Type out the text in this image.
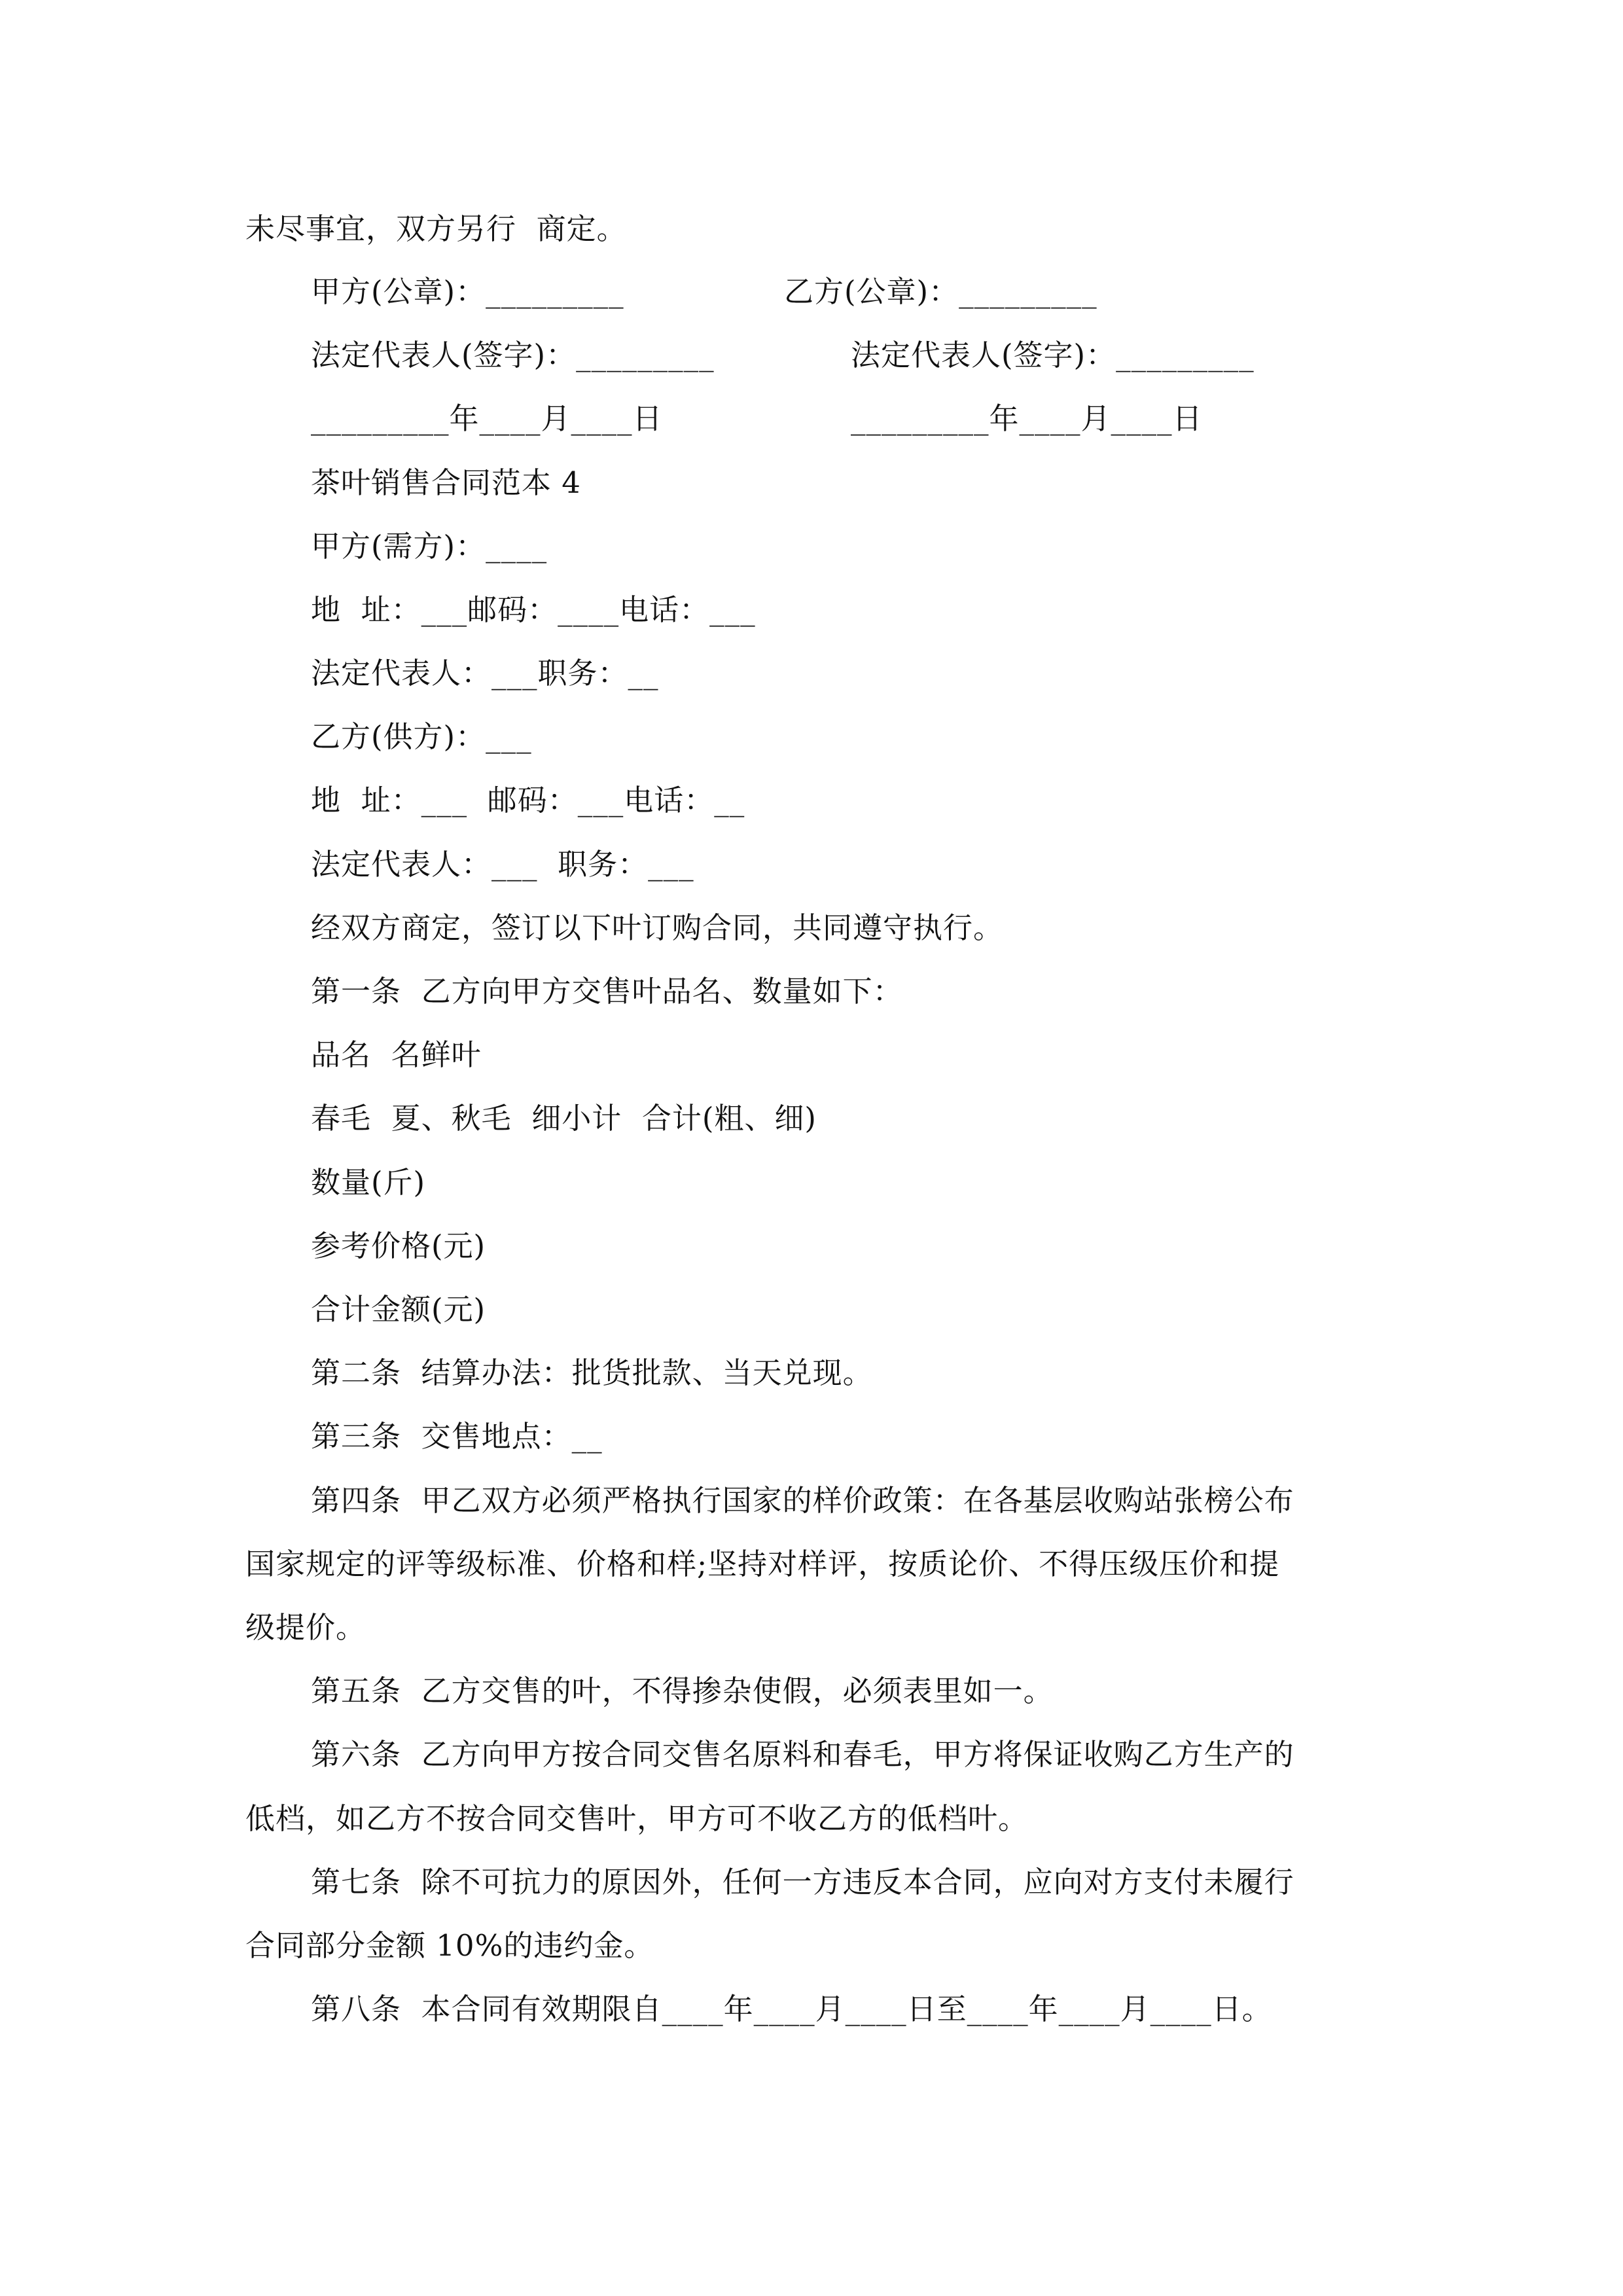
未尽事宜，双方另行  商定。
甲方(公章)：_________	乙方(公章)：_________
法定代表人(签字)：_________	法定代表人(签字)：_________
_________年____月____日	_________年____月____日
茶叶销售合同范本 4
甲方(需方)：____
地  址：___邮码：____电话：___
法定代表人：___职务：__
乙方(供方)：___
地  址：___  邮码：___电话：__
法定代表人：___  职务：___
经双方商定，签订以下叶订购合同，共同遵守执行。
第一条  乙方向甲方交售叶品名、数量如下：
品名  名鲜叶
春毛  夏、秋毛  细小计  合计(粗、细)
数量(斤)
参考价格(元)
合计金额(元)
第二条  结算办法：批货批款、当天兑现。
第三条  交售地点：__
第四条  甲乙双方必须严格执行国家的样价政策：在各基层收购站张榜公布
国家规定的评等级标准、价格和样;坚持对样评，按质论价、不得压级压价和提
级提价。
第五条  乙方交售的叶，不得掺杂使假，必须表里如一。
第六条  乙方向甲方按合同交售名原料和春毛，甲方将保证收购乙方生产的
低档，如乙方不按合同交售叶，甲方可不收乙方的低档叶。
第七条  除不可抗力的原因外，任何一方违反本合同，应向对方支付未履行
合同部分金额 10%的违约金。
第八条  本合同有效期限自____年____月____日至____年____月____日。
